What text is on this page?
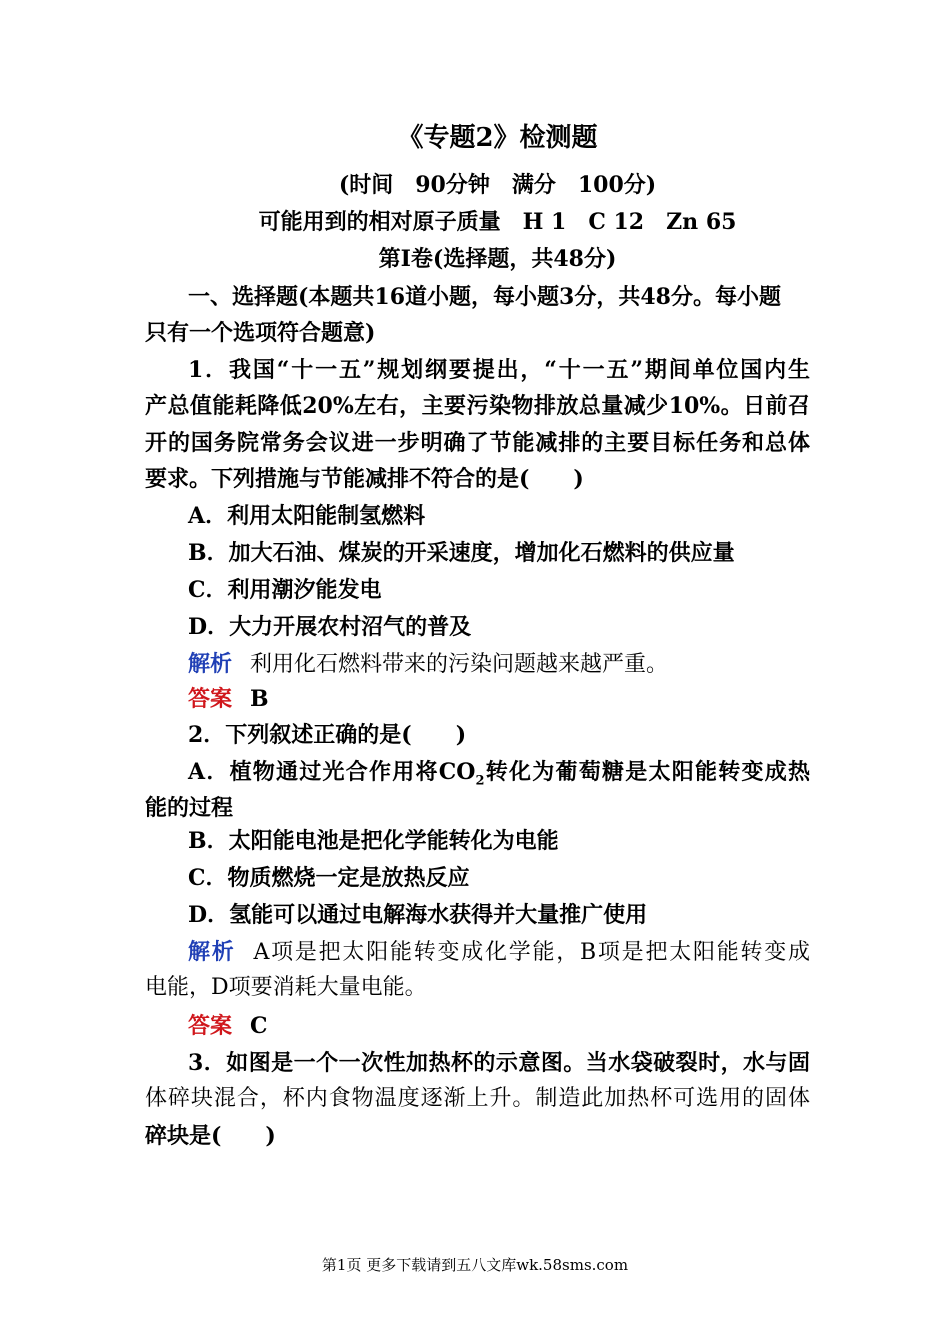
《专题2》检测题
(时间　90分钟　满分　100分)
可能用到的相对原子质量　H 1　C 12　Zn 65
第Ⅰ卷(选择题，共48分)
一、选择题(本题共16道小题，每小题3分，共48分。每小题
只有一个选项符合题意)
1．我国“十一五”规划纲要提出，“十一五”期间单位国内生
产总值能耗降低20%左右，主要污染物排放总量减少10%。日前召
开的国务院常务会议进一步明确了节能减排的主要目标任务和总体
要求。下列措施与节能减排不符合的是(　　)
A．利用太阳能制氢燃料
B．加大石油、煤炭的开采速度，增加化石燃料的供应量
C．利用潮汐能发电
D．大力开展农村沼气的普及
解析 利用化石燃料带来的污染问题越来越严重。
答案 B
2．下列叙述正确的是(　　)
A．植物通过光合作用将$CO_2$转化为葡萄糖是太阳能转变成热
能的过程
B．太阳能电池是把化学能转化为电能
C．物质燃烧一定是放热反应
D．氢能可以通过电解海水获得并大量推广使用
解析 A项是把太阳能转变成化学能，B项是把太阳能转变成
电能，D项要消耗大量电能。
答案 C
3．如图是一个一次性加热杯的示意图。当水袋破裂时，水与固
体碎块混合，杯内食物温度逐渐上升。制造此加热杯可选用的固体
碎块是(　　)
第1页 更多下载请到五八文库wk.58sms.com
